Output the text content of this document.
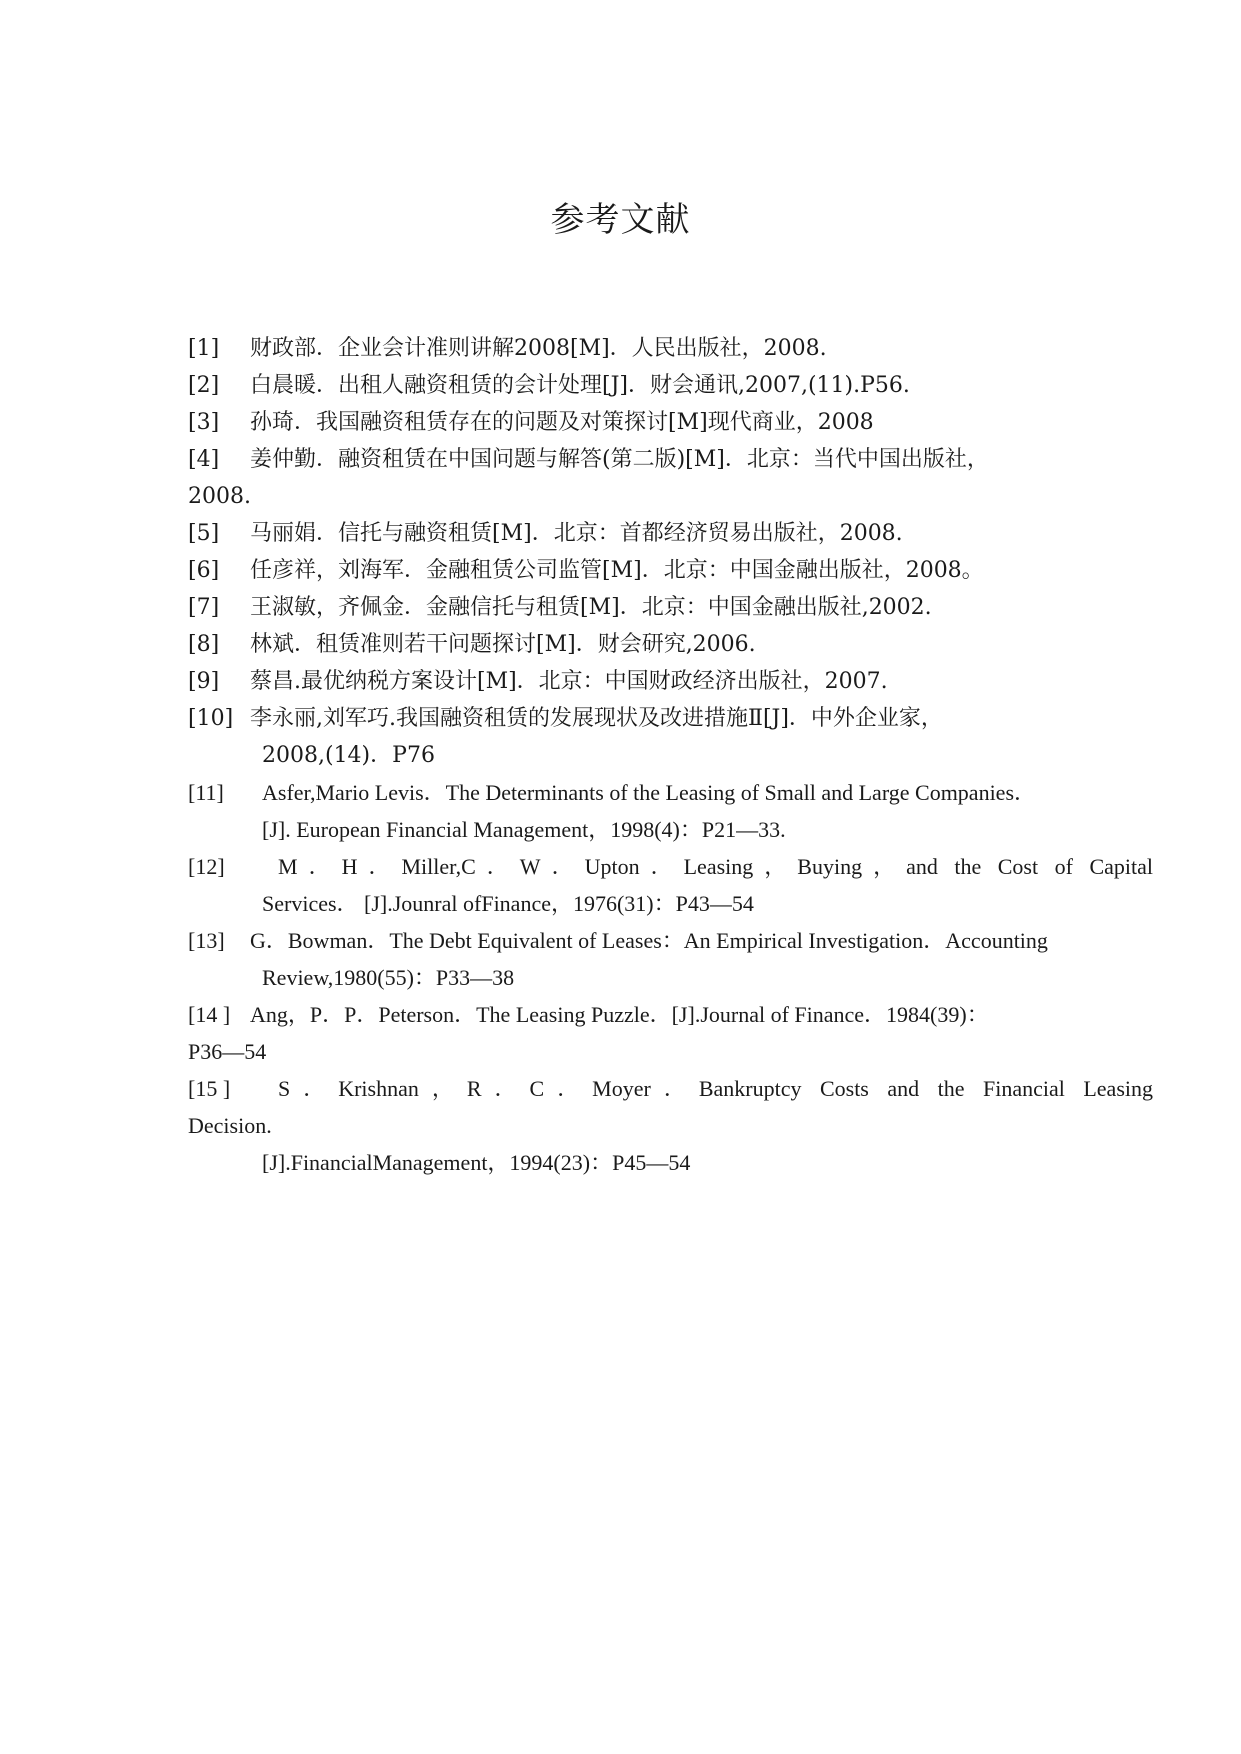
参考文献
[1] 财政部．企业会计准则讲解2008[M]．人民出版社，2008.
[2] 白晨暖．出租人融资租赁的会计处理[J]．财会通讯,2007,(11).P56.
[3] 孙琦．我国融资租赁存在的问题及对策探讨[M]现代商业，2008
[4] 姜仲勤．融资租赁在中国问题与解答(第二版)[M]．北京：当代中国出版社，
2008.
[5] 马丽娟．信托与融资租赁[M]．北京：首都经济贸易出版社，2008.
[6] 任彦祥，刘海军．金融租赁公司监管[M]．北京：中国金融出版社，2008。
[7] 王淑敏，齐佩金．金融信托与租赁[M]．北京：中国金融出版社,2002.
[8] 林斌．租赁准则若干问题探讨[M]．财会研究,2006.
[9] 蔡昌.最优纳税方案设计[M]．北京：中国财政经济出版社，2007.
[10] 李永丽,刘军巧.我国融资租赁的发展现状及改进措施Ⅱ[J]．中外企业家，
2008,(14)．P76
[11] Asfer,Mario Levis．The Determinants of the Leasing of Small and Large Companies．
[J]. European Financial Management，1998(4)：P21—33.
[12]	M．H．Miller,C．W．Upton．Leasing，Buying，and the Cost of Capital
Services． [J].Jounral ofFinance，1976(31)：P43—54
[13] G．Bowman．The Debt Equivalent of Leases：An Empirical Investigation．Accounting
Review,1980(55)：P33—38
[14 ] Ang，P．P．Peterson．The Leasing Puzzle．[J].Journal of Finance．1984(39)：
P36—54
[15 ]	S．Krishnan，R．C．Moyer．Bankruptcy Costs and the Financial Leasing
Decision.
[J].FinancialManagement，1994(23)：P45—54
